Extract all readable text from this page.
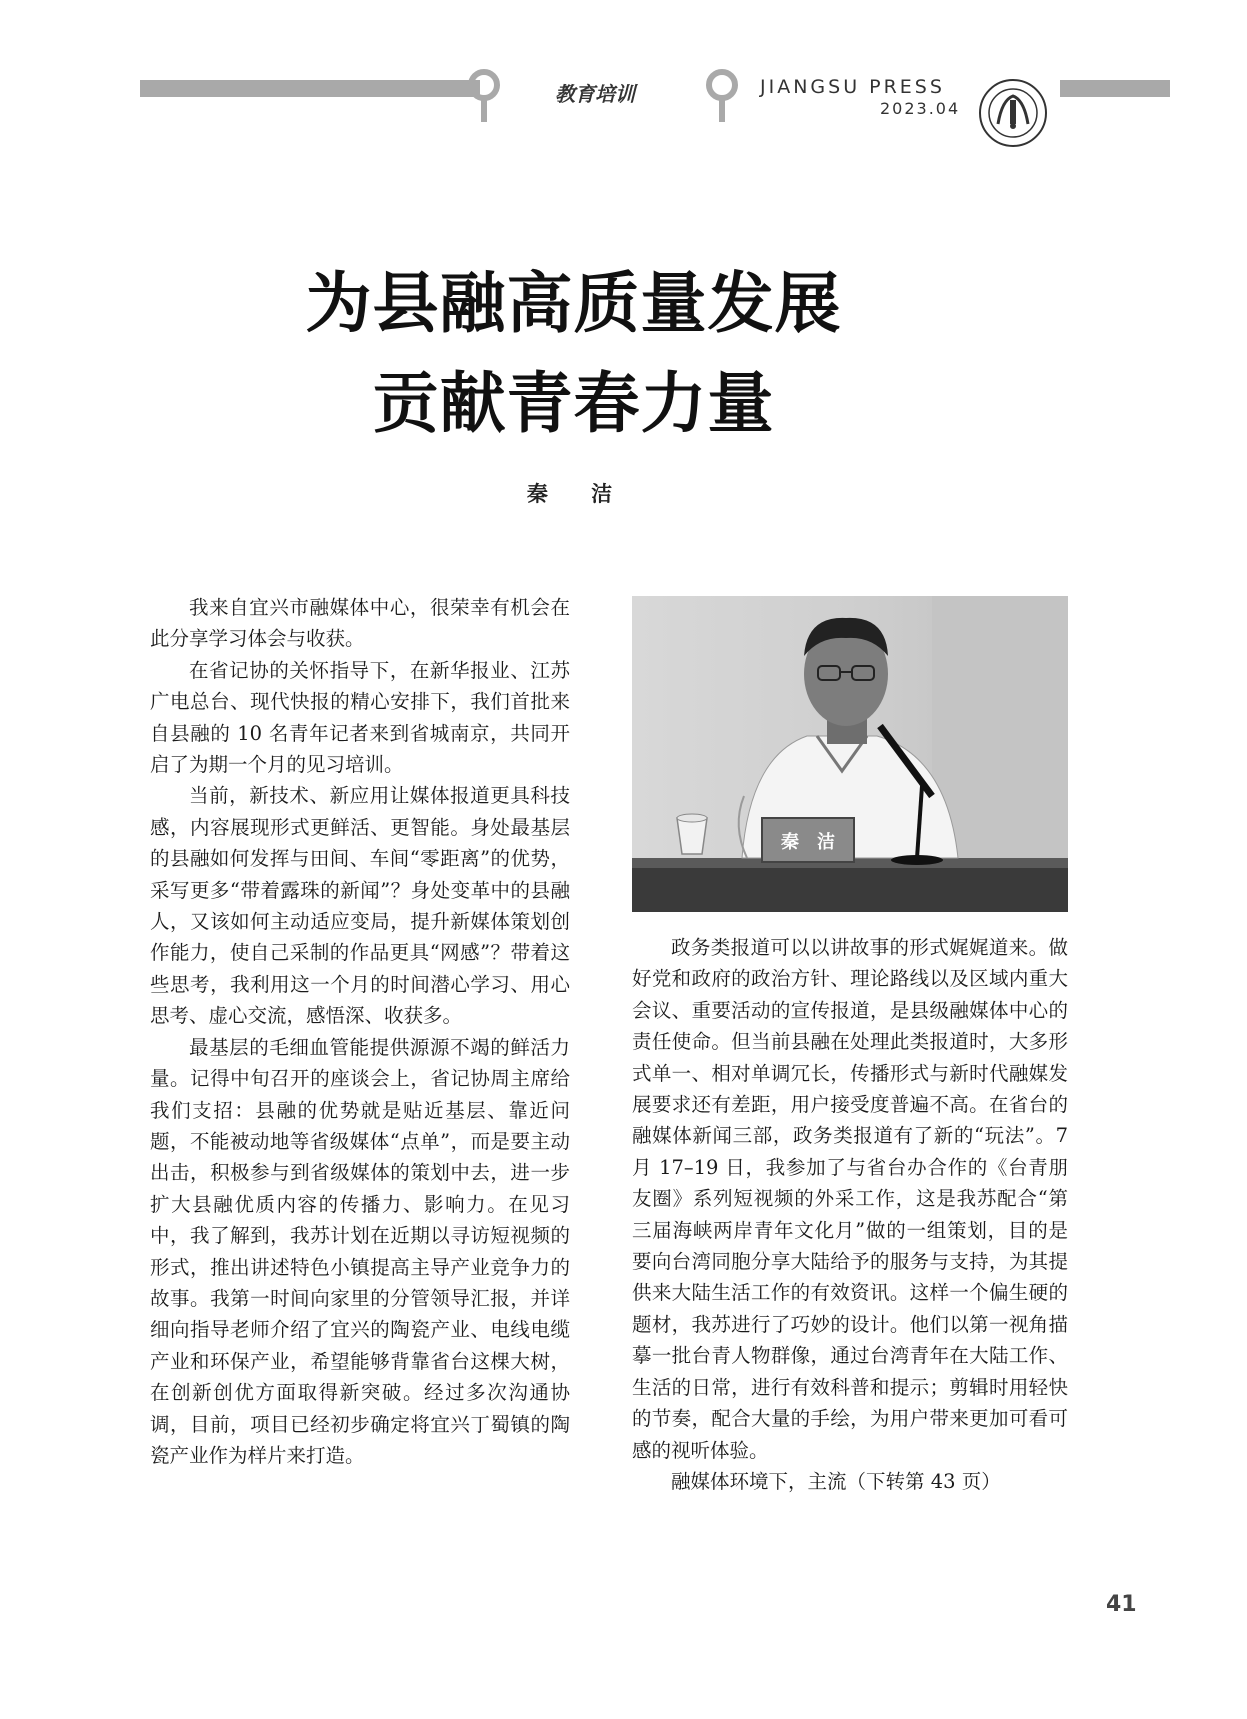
教育培训	JIANGSU PRESS
2023.04
为县融高质量发展
贡献青春力量
秦 洁

我来自宜兴市融媒体中心，很荣幸有机会在此分享学习体会与收获。

在省记协的关怀指导下，在新华报业、江苏广电总台、现代快报的精心安排下，我们首批来自县融的 10 名青年记者来到省城南京，共同开启了为期一个月的见习培训。

当前，新技术、新应用让媒体报道更具科技感，内容展现形式更鲜活、更智能。身处最基层的县融如何发挥与田间、车间“零距离”的优势，采写更多“带着露珠的新闻”？身处变革中的县融人，又该如何主动适应变局，提升新媒体策划创作能力，使自己采制的作品更具“网感”？带着这些思考，我利用这一个月的时间潜心学习、用心思考、虚心交流，感悟深、收获多。

最基层的毛细血管能提供源源不竭的鲜活力量。记得中旬召开的座谈会上，省记协周主席给我们支招：县融的优势就是贴近基层、靠近问题，不能被动地等省级媒体“点单”，而是要主动出击，积极参与到省级媒体的策划中去，进一步扩大县融优质内容的传播力、影响力。在见习中，我了解到，我苏计划在近期以寻访短视频的形式，推出讲述特色小镇提高主导产业竞争力的故事。我第一时间向家里的分管领导汇报，并详细向指导老师介绍了宜兴的陶瓷产业、电线电缆产业和环保产业，希望能够背靠省台这棵大树，在创新创优方面取得新突破。经过多次沟通协调，目前，项目已经初步确定将宜兴丁蜀镇的陶瓷产业作为样片来打造。

秦　洁

政务类报道可以以讲故事的形式娓娓道来。做好党和政府的政治方针、理论路线以及区域内重大会议、重要活动的宣传报道，是县级融媒体中心的责任使命。但当前县融在处理此类报道时，大多形式单一、相对单调冗长，传播形式与新时代融媒发展要求还有差距，用户接受度普遍不高。在省台的融媒体新闻三部，政务类报道有了新的“玩法”。7月 17–19 日，我参加了与省台办合作的《台青朋友圈》系列短视频的外采工作，这是我苏配合“第三届海峡两岸青年文化月”做的一组策划，目的是要向台湾同胞分享大陆给予的服务与支持，为其提供来大陆生活工作的有效资讯。这样一个偏生硬的题材，我苏进行了巧妙的设计。他们以第一视角描摹一批台青人物群像，通过台湾青年在大陆工作、生活的日常，进行有效科普和提示；剪辑时用轻快的节奏，配合大量的手绘，为用户带来更加可看可感的视听体验。

融媒体环境下，主流（下转第 43 页）

41
